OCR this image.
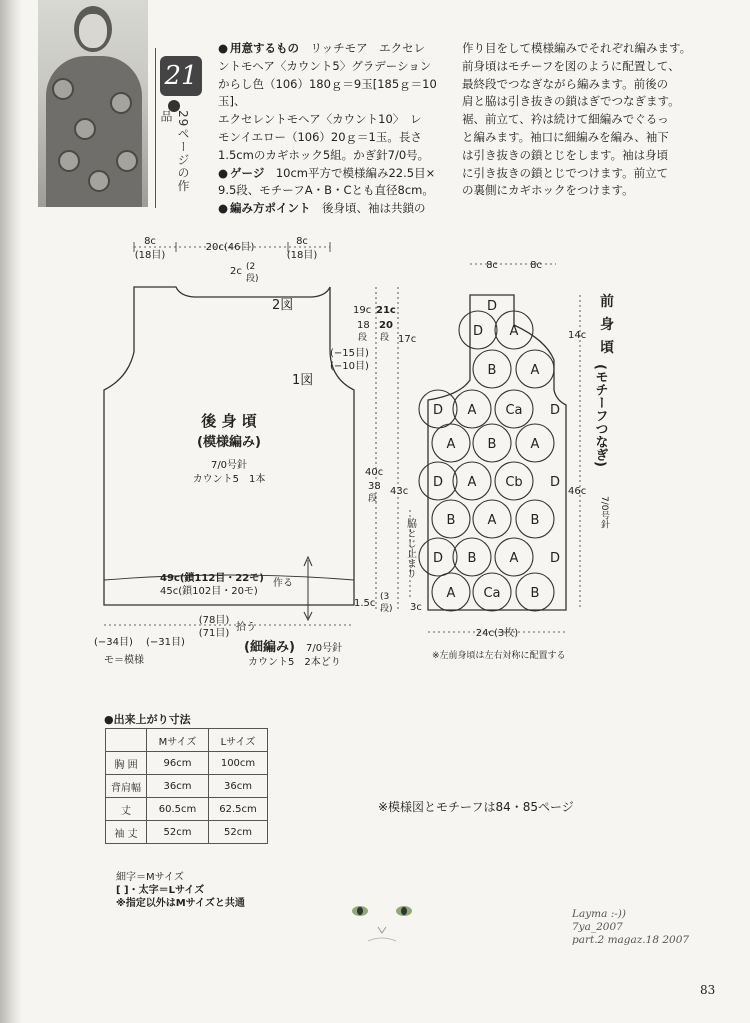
21
29ページの作品
● 用意するもの　 リッチモア　エクセレ
ントモヘア〈カウント5〉グラデーション
からし色（106）180ｇ＝9玉[185ｇ＝10玉]、
エクセレントモヘア〈カウント10〉　レ
モンイエロー（106）20ｇ＝1玉。長さ
1.5cmのカギホック5組。かぎ針7/0号。
● ゲージ　 10cm平方で模様編み22.5目×
9.5段、モチーフA・B・Cとも直径8cm。
● 編み方ポイント　 後身頃、袖は共鎖の
作り目をして模様編みでそれぞれ編みます。
前身頃はモチーフを図のように配置して、
最終段でつなぎながら編みます。前後の
肩と脇は引き抜きの鎖はぎでつなぎます。
裾、前立て、衿は続けて細編みでぐるっ
と編みます。袖口に細編みを編み、袖下
は引き抜きの鎖とじをします。袖は身頃
に引き抜きの鎖とじでつけます。前立て
の裏側にカギホックをつけます。
D
D A
B	A
D A Ca D
A B	A
D A Cb D
B A	B
D B	A D
A Ca B
8c
20c(46目)
8c
(18目)	(18目)
2c (2
段)
2図
1図
(−15目)
(−10目)
後 身 頃
(模様編み)
7/0号針
カウント5　1本
49c(鎖112目・22モ)
45c(鎖102目・20モ)
作る
19c 21c
18 20
段 段 17c
40c
38
段
43c
1.5c
(3
段)
(78目)
(71目)
拾う
(−34目) (−31目)
モ＝模様
(細編み) 7/0号針
カウント5　2本どり
8c	8c
前
身
頃
(モチーフつなぎ)
7/0号針
14c
46c
3c
24c(3枚)
脇とじ止まり
※左前身頃は左右対称に配置する
●出来上がり寸法
	Mサイズ	Lサイズ
胸 囲	96cm	100cm
背肩幅	36cm	36cm
丈	60.5cm	62.5cm
袖 丈	52cm	52cm
※模様図とモチーフは84・85ページ
細字＝Mサイズ
[ ]・太字＝Lサイズ
※指定以外はMサイズと共通
Layma :-))
7ya_2007
part.2 magaz.18 2007
83
